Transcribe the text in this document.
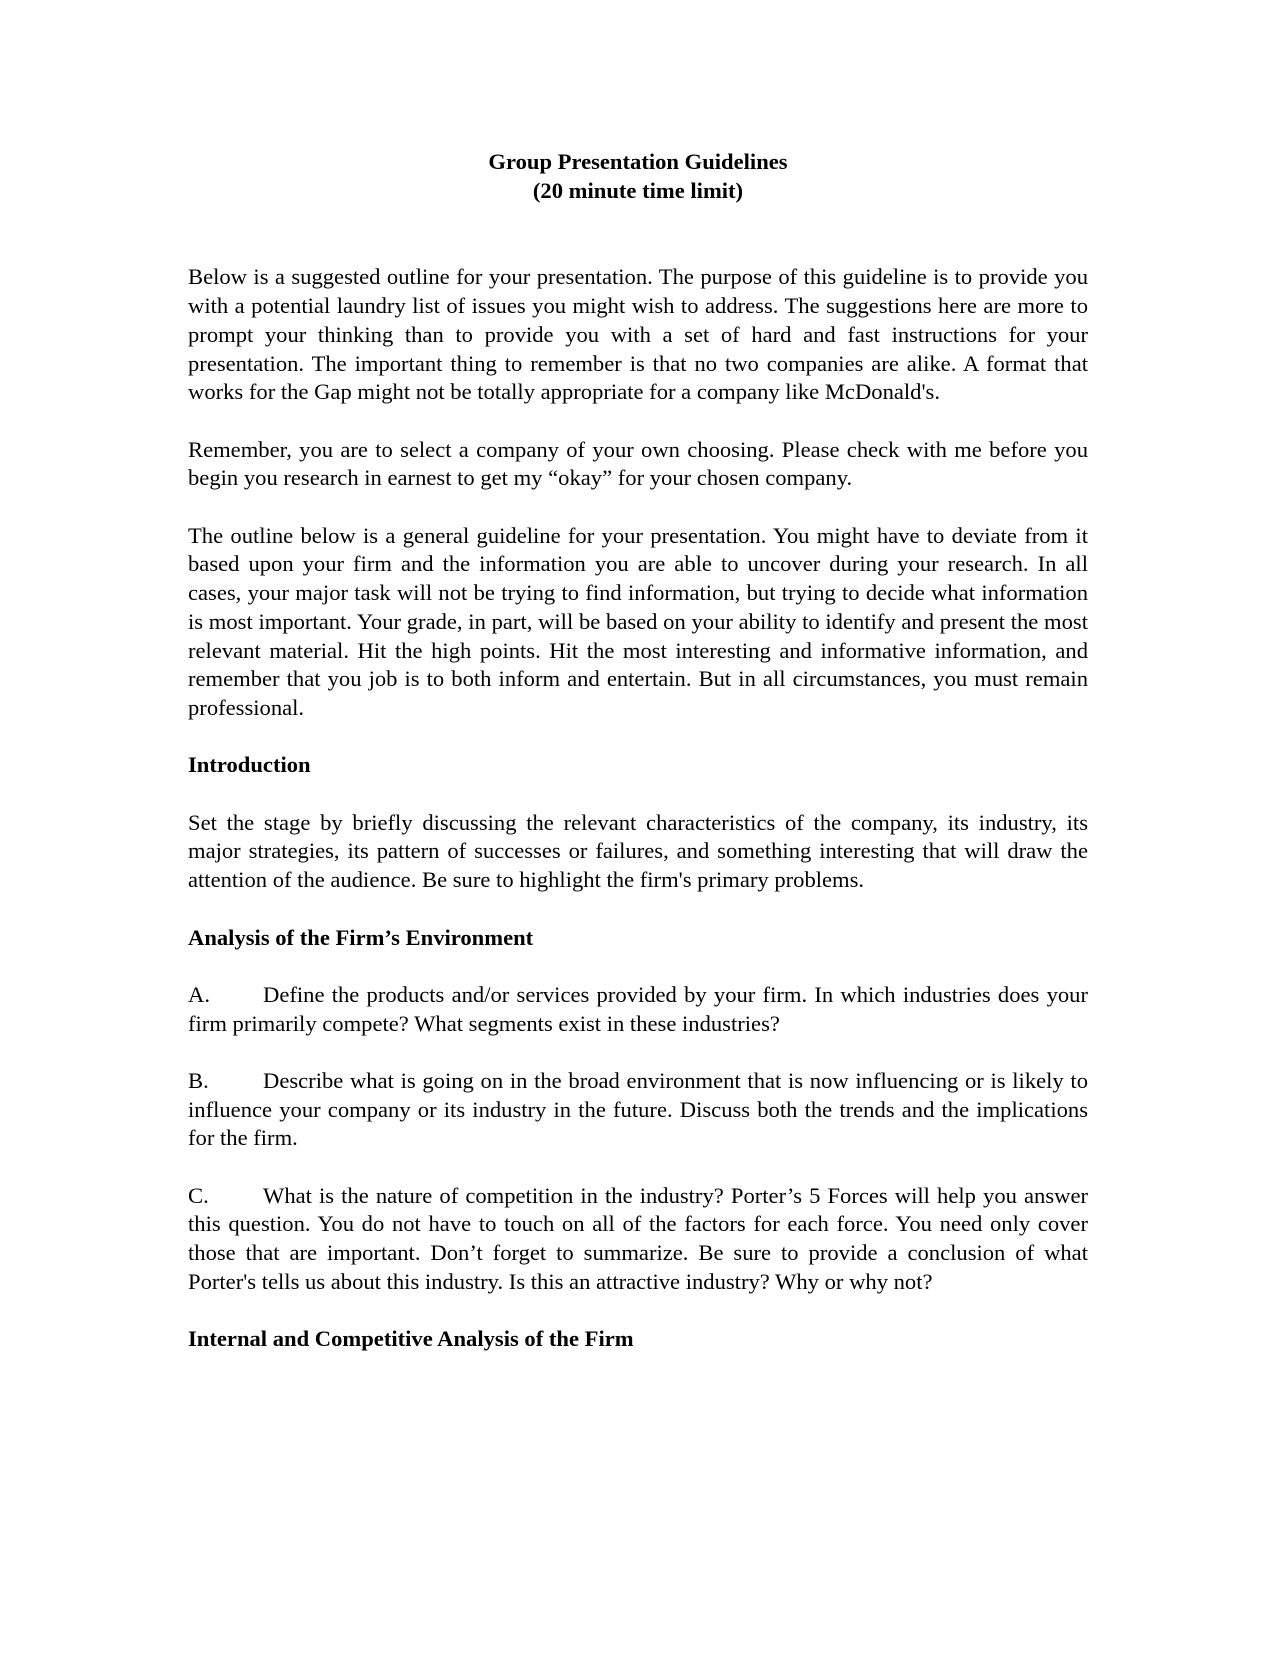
Group Presentation Guidelines
(20 minute time limit)

Below is a suggested outline for your presentation. The purpose of this guideline is to provide you with a potential laundry list of issues you might wish to address. The suggestions here are more to prompt your thinking than to provide you with a set of hard and fast instructions for your presentation. The important thing to remember is that no two companies are alike. A format that works for the Gap might not be totally appropriate for a company like McDonald's.

Remember, you are to select a company of your own choosing. Please check with me before you begin you research in earnest to get my “okay” for your chosen company.

The outline below is a general guideline for your presentation. You might have to deviate from it based upon your firm and the information you are able to uncover during your research. In all cases, your major task will not be trying to find information, but trying to decide what information is most important. Your grade, in part, will be based on your ability to identify and present the most relevant material. Hit the high points. Hit the most interesting and informative information, and remember that you job is to both inform and entertain. But in all circumstances, you must remain professional.

Introduction

Set the stage by briefly discussing the relevant characteristics of the company, its industry, its major strategies, its pattern of successes or failures, and something interesting that will draw the attention of the audience. Be sure to highlight the firm's primary problems.

Analysis of the Firm’s Environment

A. Define the products and/or services provided by your firm. In which industries does your firm primarily compete? What segments exist in these industries?

B. Describe what is going on in the broad environment that is now influencing or is likely to influence your company or its industry in the future. Discuss both the trends and the implications for the firm.

C. What is the nature of competition in the industry? Porter’s 5 Forces will help you answer this question. You do not have to touch on all of the factors for each force. You need only cover those that are important. Don’t forget to summarize. Be sure to provide a conclusion of what Porter's tells us about this industry. Is this an attractive industry? Why or why not?

Internal and Competitive Analysis of the Firm
